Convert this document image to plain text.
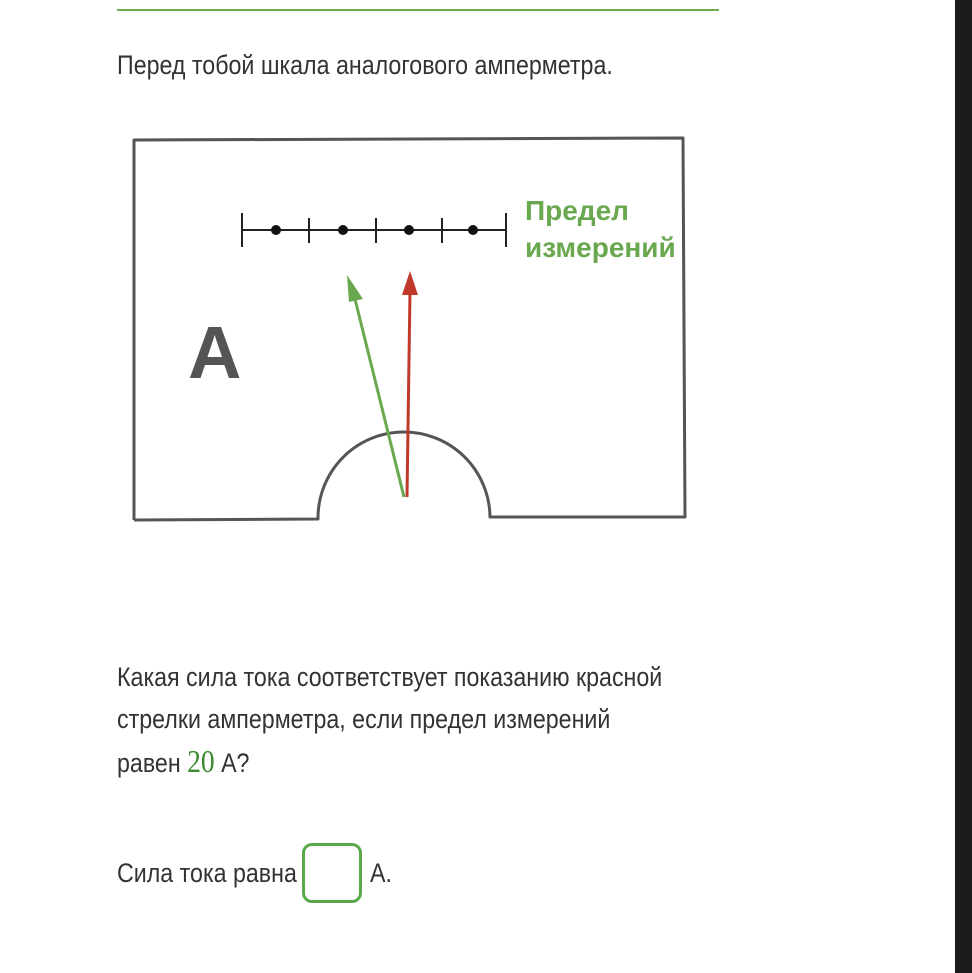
Перед тобой шкала аналогового амперметра.

Предел
измерений
A

Какая сила тока соответствует показанию красной стрелки амперметра, если предел измерений равен 20 А?

Сила тока равна	А.
